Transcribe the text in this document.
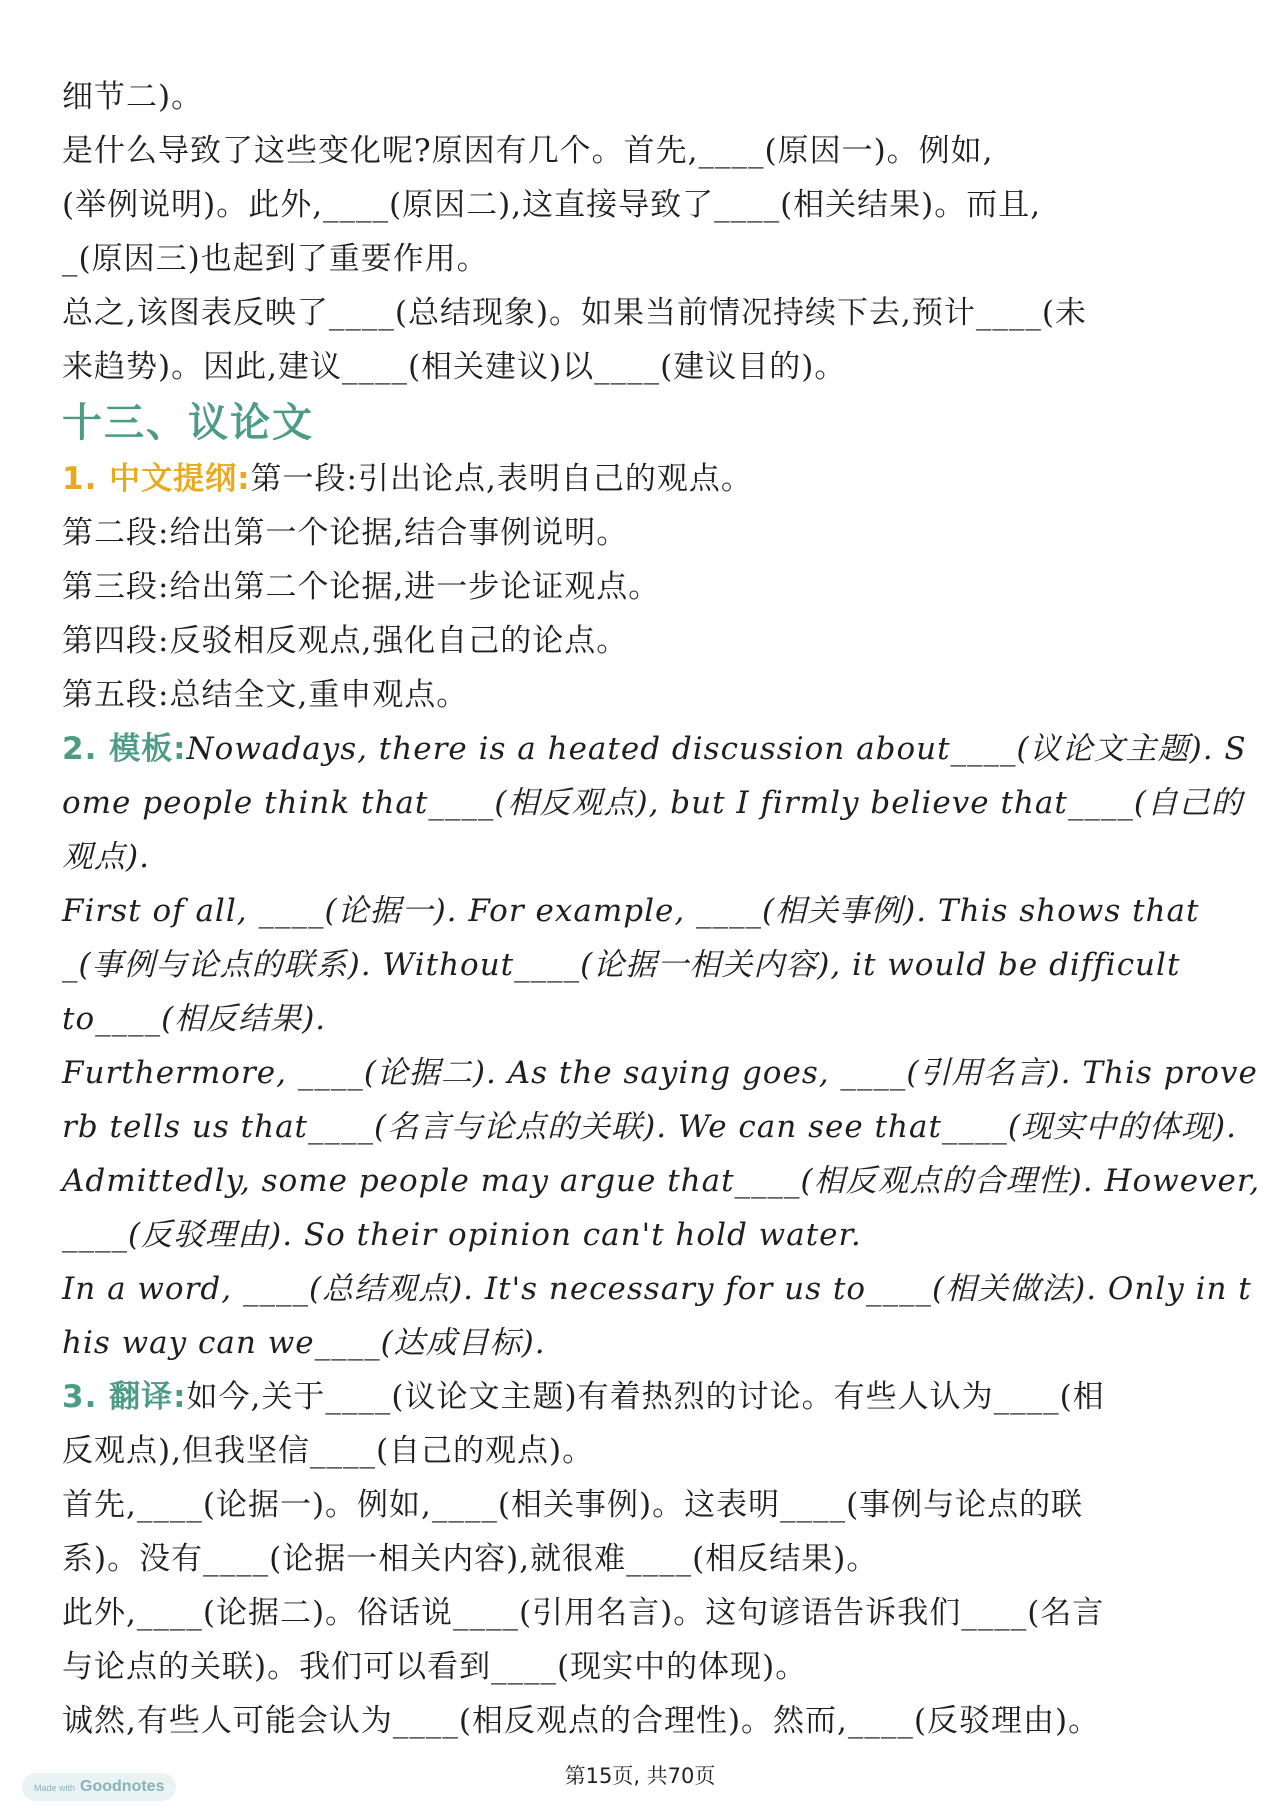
细节二)。
是什么导致了这些变化呢?原因有几个。首先,____(原因一)。例如,
(举例说明)。此外,____(原因二),这直接导致了____(相关结果)。而且,
_(原因三)也起到了重要作用。
总之,该图表反映了____(总结现象)。如果当前情况持续下去,预计____(未
来趋势)。因此,建议____(相关建议)以____(建议目的)。
十三、议论文
1. 中文提纲:第一段:引出论点,表明自己的观点。
第二段:给出第一个论据,结合事例说明。
第三段:给出第二个论据,进一步论证观点。
第四段:反驳相反观点,强化自己的论点。
第五段:总结全文,重申观点。
2. 模板:Nowadays, there is a heated discussion about____(议论文主题). S
ome people think that____(相反观点), but I firmly believe that____(自己的
观点).
First of all, ____(论据一). For example, ____(相关事例). This shows that
_(事例与论点的联系). Without____(论据一相关内容), it would be difficult
to____(相反结果).
Furthermore, ____(论据二). As the saying goes, ____(引用名言). This prove
rb tells us that____(名言与论点的关联). We can see that____(现实中的体现).
Admittedly, some people may argue that____(相反观点的合理性). However,
____(反驳理由). So their opinion can't hold water.
In a word, ____(总结观点). It's necessary for us to____(相关做法). Only in t
his way can we____(达成目标).
3. 翻译:如今,关于____(议论文主题)有着热烈的讨论。有些人认为____(相
反观点),但我坚信____(自己的观点)。
首先,____(论据一)。例如,____(相关事例)。这表明____(事例与论点的联
系)。没有____(论据一相关内容),就很难____(相反结果)。
此外,____(论据二)。俗话说____(引用名言)。这句谚语告诉我们____(名言
与论点的关联)。我们可以看到____(现实中的体现)。
诚然,有些人可能会认为____(相反观点的合理性)。然而,____(反驳理由)。
Made with Goodnotes	第15页, 共70页
